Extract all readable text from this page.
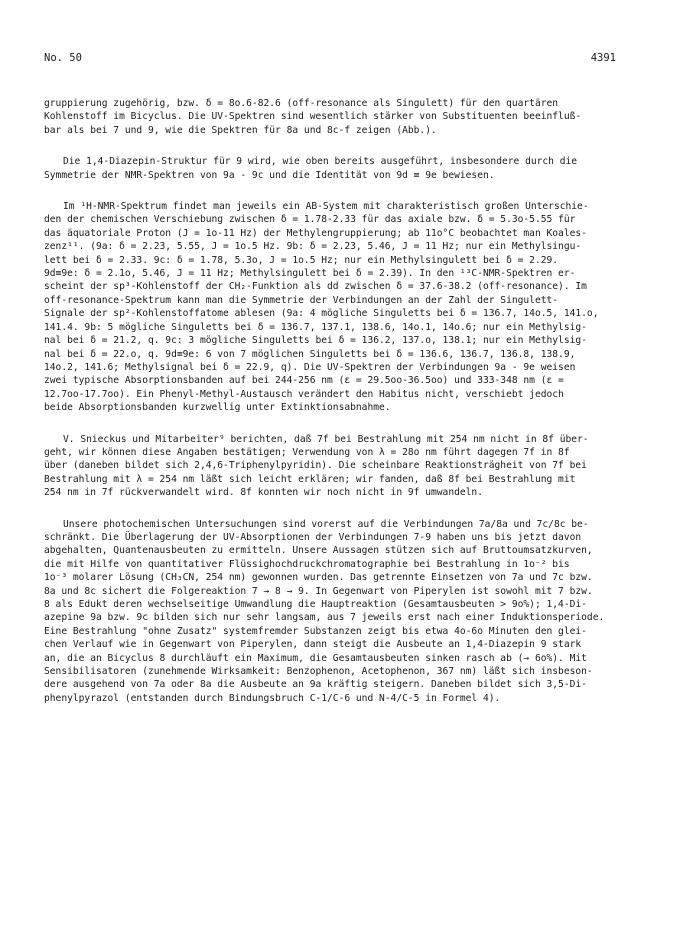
No. 50	4391
gruppierung zugehörig, bzw. δ = 8o.6-82.6 (off-resonance als Singulett) für den quartären
Kohlenstoff im Bicyclus. Die UV-Spektren sind wesentlich stärker von Substituenten beeinfluß-
bar als bei 7 und 9, wie die Spektren für 8a und 8c-f zeigen (Abb.).
Die 1,4-Diazepin-Struktur für 9 wird, wie oben bereits ausgeführt, insbesondere durch die
Symmetrie der NMR-Spektren von 9a - 9c und die Identität von 9d ≡ 9e bewiesen.
Im ¹H-NMR-Spektrum findet man jeweils ein AB-System mit charakteristisch großen Unterschie-
den der chemischen Verschiebung zwischen δ = 1.78-2.33 für das axiale bzw. δ = 5.3o-5.55 für
das äquatoriale Proton (J = 1o-11 Hz) der Methylengruppierung; ab 11o°C beobachtet man Koales-
zenz¹¹. (9a: δ = 2.23, 5.55, J = 1o.5 Hz. 9b: δ = 2.23, 5.46, J = 11 Hz; nur ein Methylsingu-
lett bei δ = 2.33. 9c: δ = 1.78, 5.3o, J = 1o.5 Hz; nur ein Methylsingulett bei δ = 2.29.
9d≡9e: δ = 2.1o, 5.46, J = 11 Hz; Methylsingulett bei δ = 2.39). In den ¹³C-NMR-Spektren er-
scheint der sp³-Kohlenstoff der CH₂-Funktion als dd zwischen δ = 37.6-38.2 (off-resonance). Im
off-resonance-Spektrum kann man die Symmetrie der Verbindungen an der Zahl der Singulett-
Signale der sp²-Kohlenstoffatome ablesen (9a: 4 mögliche Singuletts bei δ = 136.7, 14o.5, 141.o,
141.4. 9b: 5 mögliche Singuletts bei δ = 136.7, 137.1, 138.6, 14o.1, 14o.6; nur ein Methylsig-
nal bei δ = 21.2, q. 9c: 3 mögliche Singuletts bei δ = 136.2, 137.o, 138.1; nur ein Methylsig-
nal bei δ = 22.o, q. 9d≡9e: 6 von 7 möglichen Singuletts bei δ = 136.6, 136.7, 136.8, 138.9,
14o.2, 141.6; Methylsignal bei δ = 22.9, q). Die UV-Spektren der Verbindungen 9a - 9e weisen
zwei typische Absorptionsbanden auf bei 244-256 nm (ε = 29.5oo-36.5oo) und 333-348 nm (ε =
12.7oo-17.7oo). Ein Phenyl-Methyl-Austausch verändert den Habitus nicht, verschiebt jedoch
beide Absorptionsbanden kurzwellig unter Extinktionsabnahme.
V. Snieckus und Mitarbeiter⁹ berichten, daß 7f bei Bestrahlung mit 254 nm nicht in 8f über-
geht, wir können diese Angaben bestätigen; Verwendung von λ = 28o nm führt dagegen 7f in 8f
über (daneben bildet sich 2,4,6-Triphenylpyridin). Die scheinbare Reaktionsträgheit von 7f bei
Bestrahlung mit λ = 254 nm läßt sich leicht erklären; wir fanden, daß 8f bei Bestrahlung mit
254 nm in 7f rückverwandelt wird. 8f konnten wir noch nicht in 9f umwandeln.
Unsere photochemischen Untersuchungen sind vorerst auf die Verbindungen 7a/8a und 7c/8c be-
schränkt. Die Überlagerung der UV-Absorptionen der Verbindungen 7-9 haben uns bis jetzt davon
abgehalten, Quantenausbeuten zu ermitteln. Unsere Aussagen stützen sich auf Bruttoumsatzkurven,
die mit Hilfe von quantitativer Flüssighochdruckchromatographie bei Bestrahlung in 1o⁻² bis
1o⁻³ molarer Lösung (CH₃CN, 254 nm) gewonnen wurden. Das getrennte Einsetzen von 7a und 7c bzw.
8a und 8c sichert die Folgereaktion 7 → 8 → 9. In Gegenwart von Piperylen ist sowohl mit 7 bzw.
8 als Edukt deren wechselseitige Umwandlung die Hauptreaktion (Gesamtausbeuten > 9o%); 1,4-Di-
azepine 9a bzw. 9c bilden sich nur sehr langsam, aus 7 jeweils erst nach einer Induktionsperiode.
Eine Bestrahlung "ohne Zusatz" systemfremder Substanzen zeigt bis etwa 4o-6o Minuten den glei-
chen Verlauf wie in Gegenwart von Piperylen, dann steigt die Ausbeute an 1,4-Diazepin 9 stark
an, die an Bicyclus 8 durchläuft ein Maximum, die Gesamtausbeuten sinken rasch ab (→ 6o%). Mit
Sensibilisatoren (zunehmende Wirksamkeit: Benzophenon, Acetophenon, 367 nm) läßt sich insbeson-
dere ausgehend von 7a oder 8a die Ausbeute an 9a kräftig steigern. Daneben bildet sich 3,5-Di-
phenylpyrazol (entstanden durch Bindungsbruch C-1/C-6 und N-4/C-5 in Formel 4).
